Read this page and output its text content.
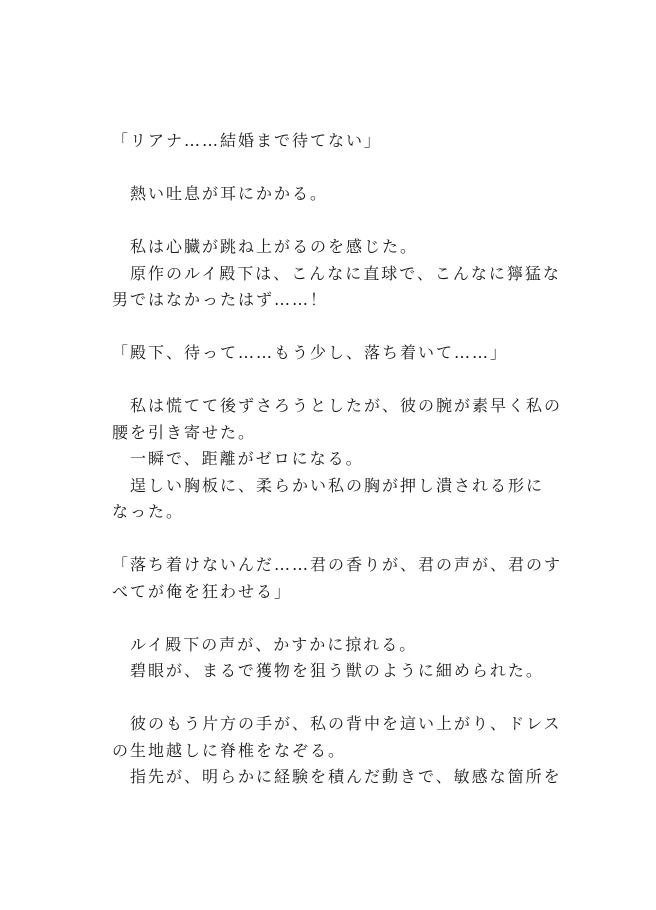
「リアナ……結婚まで待てない」
熱い吐息が耳にかかる。
私は心臓が跳ね上がるのを感じた。
原作のルイ殿下は、こんなに直球で、こんなに獰猛な
男ではなかったはず……！
「殿下、待って……もう少し、落ち着いて……」
私は慌てて後ずさろうとしたが、彼の腕が素早く私の
腰を引き寄せた。
一瞬で、距離がゼロになる。
逞しい胸板に、柔らかい私の胸が押し潰される形に
なった。
「落ち着けないんだ……君の香りが、君の声が、君のす
べてが俺を狂わせる」
ルイ殿下の声が、かすかに掠れる。
碧眼が、まるで獲物を狙う獣のように細められた。
彼のもう片方の手が、私の背中を這い上がり、ドレス
の生地越しに脊椎をなぞる。
指先が、明らかに経験を積んだ動きで、敏感な箇所を
